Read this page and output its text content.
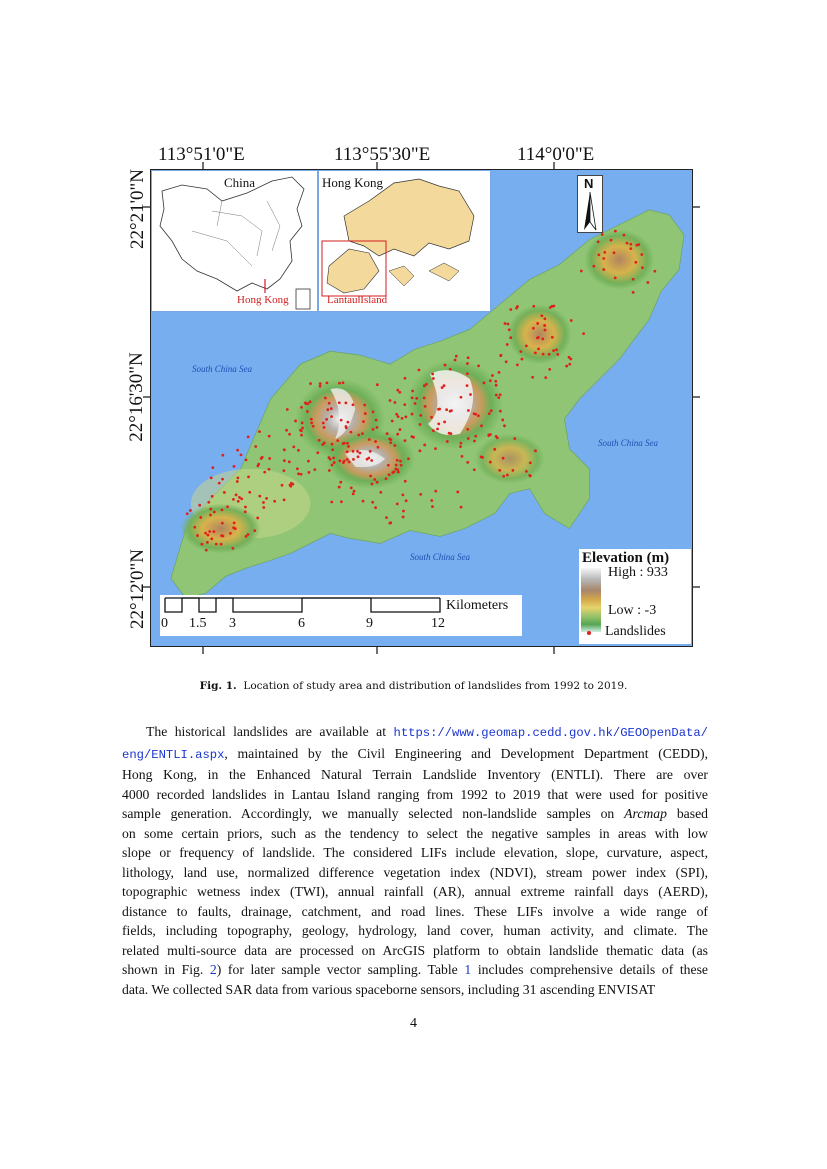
113°51'0"E	113°55'30"E	114°0'0"E
22°21'0"N
22°16'30"N
22°12'0"N
South China Sea
South China Sea
South China Sea
China
Hong Kong
Hong Kong
Lantau Island
N
Elevation (m)
High : 933
Low : -3
Landslides
0 1.5 3	6	9	12
Kilometers
Fig. 1. Location of study area and distribution of landslides from 1992 to 2019.

The historical landslides are available at https://www.geomap.cedd.gov.hk/GEOOpenData/

eng/ENTLI.aspx, maintained by the Civil Engineering and Development Department (CEDD),

Hong Kong, in the Enhanced Natural Terrain Landslide Inventory (ENTLI). There are over

4000 recorded landslides in Lantau Island ranging from 1992 to 2019 that were used for positive

sample generation. Accordingly, we manually selected non-landslide samples on Arcmap based

on some certain priors, such as the tendency to select the negative samples in areas with low

slope or frequency of landslide. The considered LIFs include elevation, slope, curvature, aspect,

lithology, land use, normalized difference vegetation index (NDVI), stream power index (SPI),

topographic wetness index (TWI), annual rainfall (AR), annual extreme rainfall days (AERD),

distance to faults, drainage, catchment, and road lines. These LIFs involve a wide range of

fields, including topography, geology, hydrology, land cover, human activity, and climate. The

related multi-source data are processed on ArcGIS platform to obtain landslide thematic data (as

shown in Fig. 2) for later sample vector sampling. Table 1 includes comprehensive details of these

data. We collected SAR data from various spaceborne sensors, including 31 ascending ENVISAT

4
